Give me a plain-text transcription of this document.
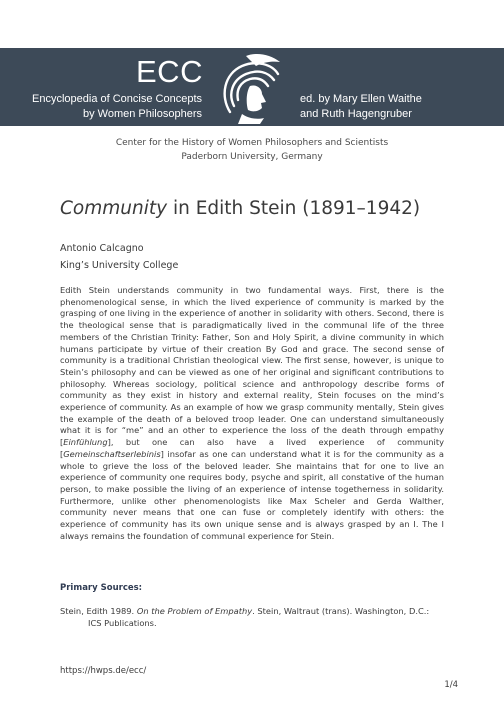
ECC
Encyclopedia of Concise Concepts
by Women Philosophers
ed. by Mary Ellen Waithe
and Ruth Hagengruber
Center for the History of Women Philosophers and Scientists
Paderborn University, Germany
Community in Edith Stein (1891–1942)
Antonio Calcagno
King’s University College

Edith Stein understands community in two fundamental ways. First, there is the phenomenological sense, in which the lived experience of community is marked by the grasping of one living in the experience of another in solidarity with others. Second, there is the theological sense that is paradigmatically lived in the communal life of the three members of the Christian Trinity: Father, Son and Holy Spirit, a divine community in which humans participate by virtue of their creation By God and grace. The second sense of community is a traditional Christian theological view. The first sense, however, is unique to Stein’s philosophy and can be viewed as one of her original and significant contributions to philosophy. Whereas sociology, political science and anthropology describe forms of community as they exist in history and external reality, Stein focuses on the mind’s experience of community. As an example of how we grasp community mentally, Stein gives the example of the death of a beloved troop leader. One can understand simultaneously what it is for “me” and an other to experience the loss of the death through empathy [Einfühlung], but one can also have a lived experience of community [Gemeinschaftserlebinis] insofar as one can understand what it is for the community as a whole to grieve the loss of the beloved leader. She maintains that for one to live an experience of community one requires body, psyche and spirit, all constative of the human person, to make possible the living of an experience of intense togetherness in solidarity. Furthermore, unlike other phenomenologists like Max Scheler and Gerda Walther, community never means that one can fuse or completely identify with others: the experience of community has its own unique sense and is always grasped by an I. The I always remains the foundation of communal experience for Stein.

Primary Sources:

Stein, Edith 1989. On the Problem of Empathy. Stein, Waltraut (trans). Washington, D.C.: ICS Publications.

https://hwps.de/ecc/
1/4
